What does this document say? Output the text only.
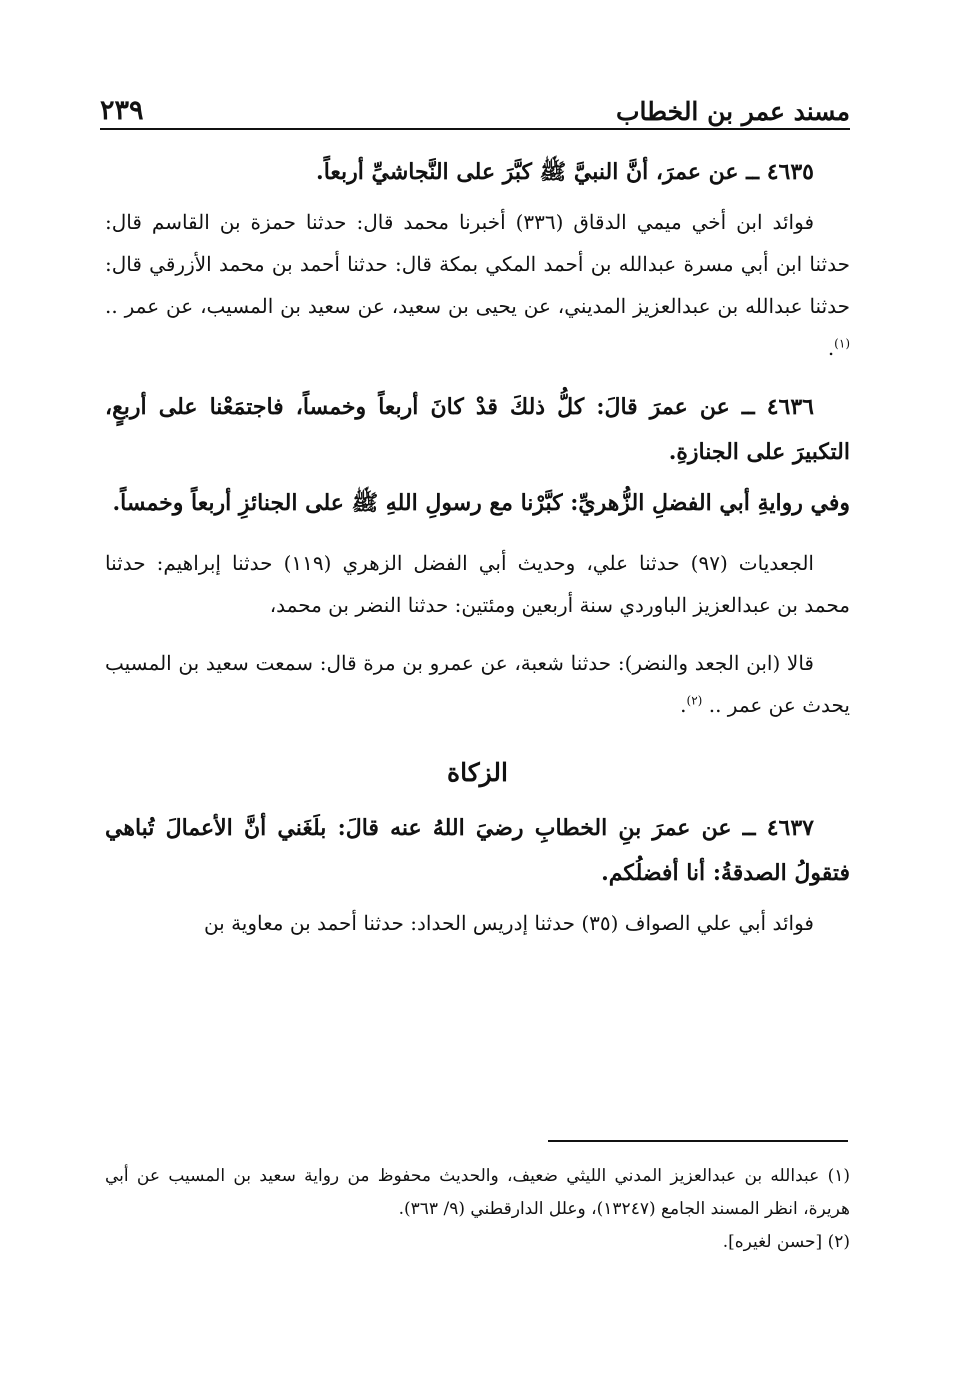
٢٣٩	مسند عمر بن الخطاب

٤٦٣٥ ــ عن عمرَ، أنَّ النبيَّ ﷺ كبَّرَ على النَّجاشيِّ أربعاً.

فوائد ابن أخي ميمي الدقاق (٣٣٦) أخبرنا محمد قال: حدثنا حمزة بن القاسم قال: حدثنا ابن أبي مسرة عبدالله بن أحمد المكي بمكة قال: حدثنا أحمد بن محمد الأزرقي قال: حدثنا عبدالله بن عبدالعزيز المديني، عن يحيى بن سعيد، عن سعيد بن المسيب، عن عمر .. $^{(١)}$.

٤٦٣٦ ــ عن عمرَ قالَ: كلُّ ذلكَ قدْ كانَ أربعاً وخمساً، فاجتمَعْنا على أربعٍ، التكبيرَ على الجنازةِ.

وفي روايةِ أبي الفضلِ الزُّهريِّ: كبَّرْنا مع رسولِ اللهِ ﷺ على الجنائزِ أربعاً وخمساً.

الجعديات (٩٧) حدثنا علي، وحديث أبي الفضل الزهري (١١٩) حدثنا إبراهيم: حدثنا محمد بن عبدالعزيز الباوردي سنة أربعين ومئتين: حدثنا النضر بن محمد،

قالا (ابن الجعد والنضر): حدثنا شعبة، عن عمرو بن مرة قال: سمعت سعيد بن المسيب يحدث عن عمر .. $^{(٢)}$.

الزكاة

٤٦٣٧ ــ عن عمرَ بنِ الخطابِ رضيَ اللهُ عنه قالَ: بلَغَني أنَّ الأعمالَ تُباهي فتقولُ الصدقةُ: أنا أفضلُكم.

فوائد أبي علي الصواف (٣٥) حدثنا إدريس الحداد: حدثنا أحمد بن معاوية بن

(١) عبدالله بن عبدالعزيز المدني الليثي ضعيف، والحديث محفوظ من رواية سعيد بن المسيب عن أبي هريرة، انظر المسند الجامع (١٣٢٤٧)، وعلل الدارقطني (٩/ ٣٦٣).

(٢) [حسن لغيره].
